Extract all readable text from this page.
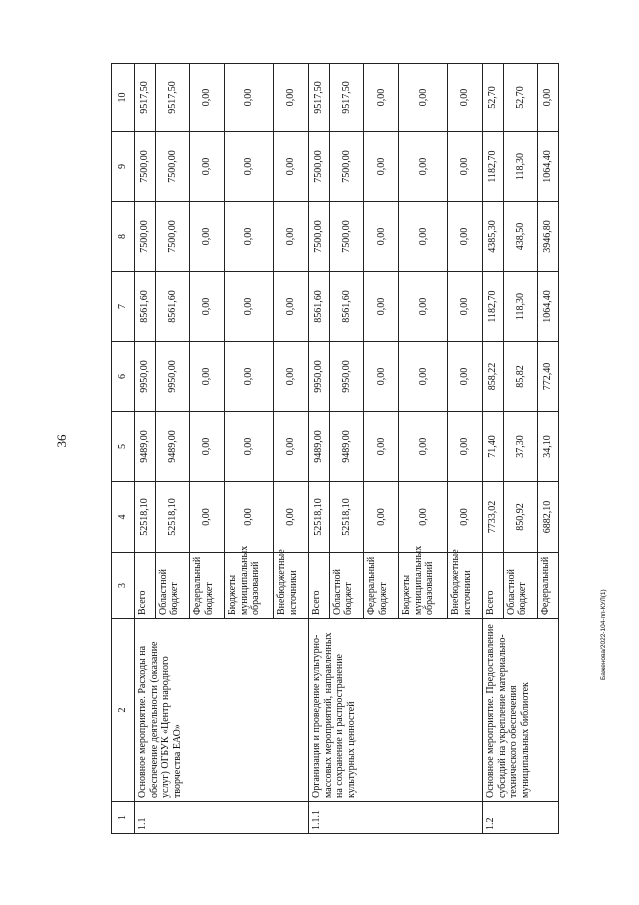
36
1	2	3	4	5	6	7	8	9	10
1.1	Основное мероприятие. Расходы на обеспечение деятельности (оказание услуг) ОГБУК «Центр народного творчества ЕАО»	Всего	52518,10	9489,00	9950,00	8561,60	7500,00	7500,00	9517,50
		Областной бюджет	52518,10	9489,00	9950,00	8561,60	7500,00	7500,00	9517,50
		Федеральный бюджет	0,00	0,00	0,00	0,00	0,00	0,00	0,00
		Бюджеты муниципальных образований	0,00	0,00	0,00	0,00	0,00	0,00	0,00
		Внебюджетные источники	0,00	0,00	0,00	0,00	0,00	0,00	0,00
1.1.1	Организация и проведение культурно-массовых мероприятий, направленных на сохранение и распространение культурных ценностей	Всего	52518,10	9489,00	9950,00	8561,60	7500,00	7500,00	9517,50
		Областной бюджет	52518,10	9489,00	9950,00	8561,60	7500,00	7500,00	9517,50
		Федеральный бюджет	0,00	0,00	0,00	0,00	0,00	0,00	0,00
		Бюджеты муниципальных образований	0,00	0,00	0,00	0,00	0,00	0,00	0,00
		Внебюджетные источники	0,00	0,00	0,00	0,00	0,00	0,00	0,00
1.2	Основное мероприятие. Предоставление субсидий на укрепление материально-технического обеспечения муниципальных библиотек	Всего	7733,02	71,40	858,22	1182,70	4385,30	1182,70	52,70
		Областной бюджет	850,92	37,30	85,82	118,30	438,50	118,30	52,70
		Федеральный	6882,10	34,10	772,40	1064,40	3946,80	1064,40	0,00
Баженова/2022-104-пп-КУЛ(1)
